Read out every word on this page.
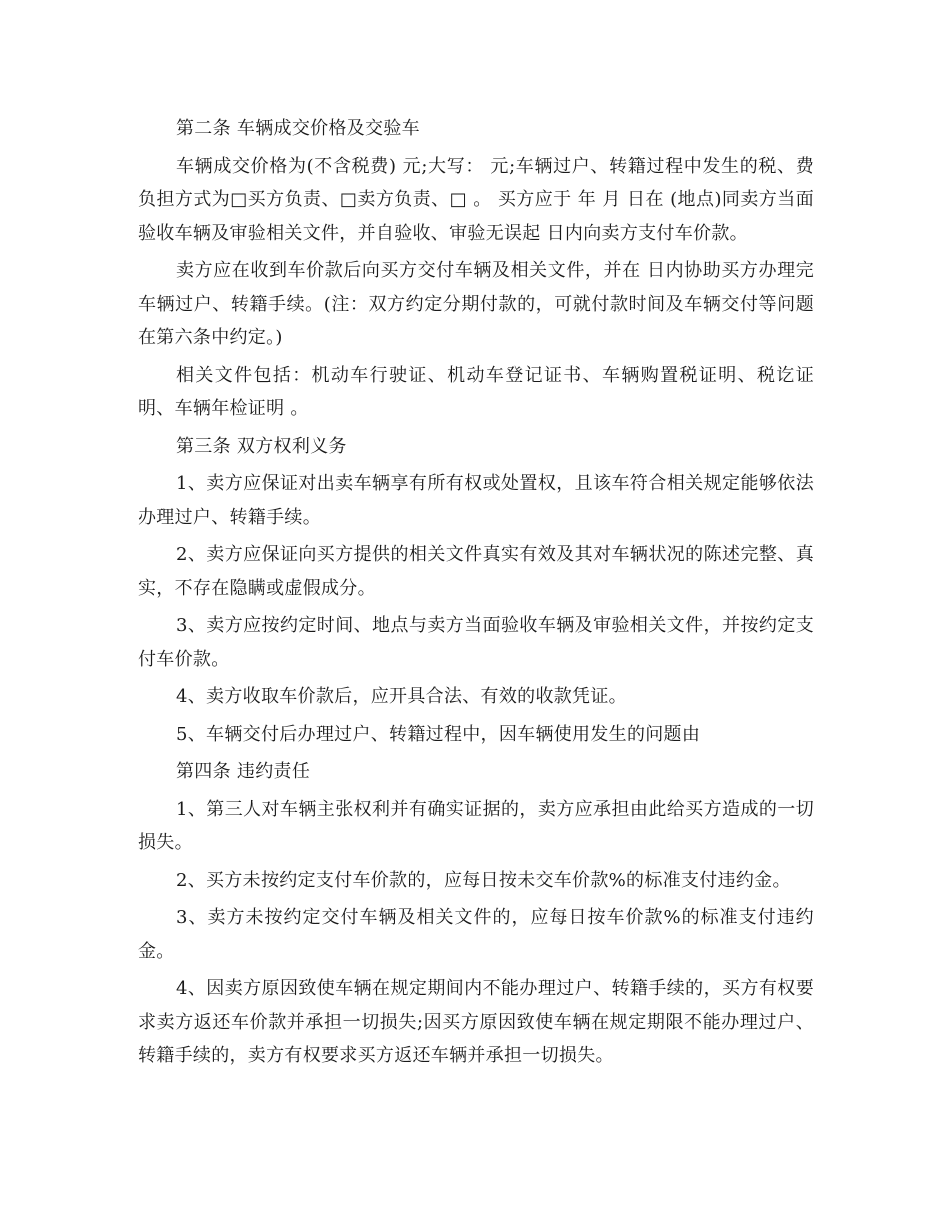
第二条 车辆成交价格及交验车

车辆成交价格为(不含税费) 元;大写： 元;车辆过户、转籍过程中发生的税、费负担方式为□买方负责、□卖方负责、□ 。 买方应于 年 月 日在 (地点)同卖方当面验收车辆及审验相关文件，并自验收、审验无误起 日内向卖方支付车价款。

卖方应在收到车价款后向买方交付车辆及相关文件，并在 日内协助买方办理完车辆过户、转籍手续。(注：双方约定分期付款的，可就付款时间及车辆交付等问题在第六条中约定。)

相关文件包括：机动车行驶证、机动车登记证书、车辆购置税证明、税讫证明、车辆年检证明 。

第三条 双方权利义务

1、卖方应保证对出卖车辆享有所有权或处置权，且该车符合相关规定能够依法办理过户、转籍手续。

2、卖方应保证向买方提供的相关文件真实有效及其对车辆状况的陈述完整、真实，不存在隐瞒或虚假成分。

3、卖方应按约定时间、地点与卖方当面验收车辆及审验相关文件，并按约定支付车价款。

4、卖方收取车价款后，应开具合法、有效的收款凭证。

5、车辆交付后办理过户、转籍过程中，因车辆使用发生的问题由

第四条 违约责任

1、第三人对车辆主张权利并有确实证据的，卖方应承担由此给买方造成的一切损失。

2、买方未按约定支付车价款的，应每日按未交车价款%的标准支付违约金。

3、卖方未按约定交付车辆及相关文件的，应每日按车价款%的标准支付违约金。

4、因卖方原因致使车辆在规定期间内不能办理过户、转籍手续的，买方有权要求卖方返还车价款并承担一切损失;因买方原因致使车辆在规定期限不能办理过户、转籍手续的，卖方有权要求买方返还车辆并承担一切损失。
